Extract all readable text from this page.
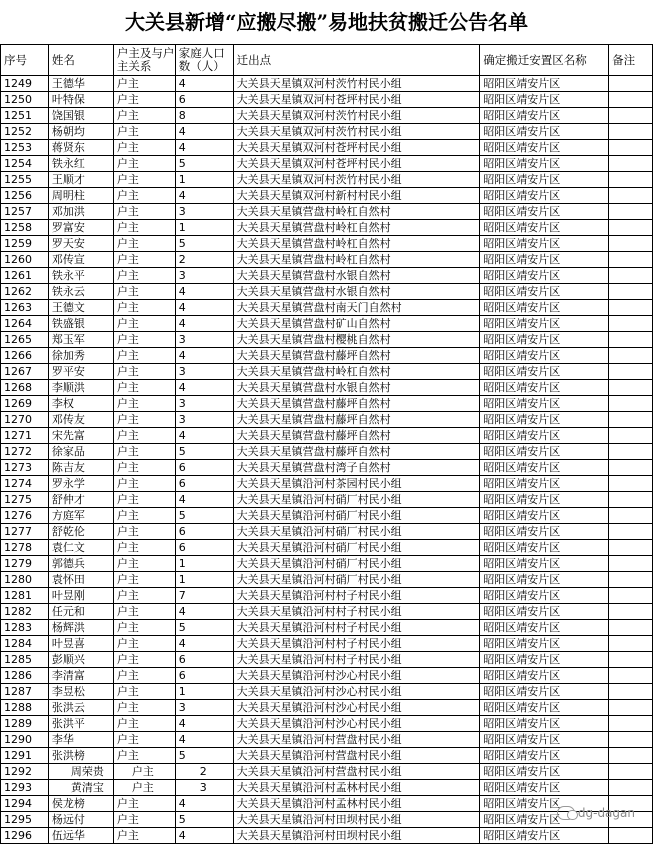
大关县新增“应搬尽搬”易地扶贫搬迁公告名单
序号	姓名	户主及与户主关系	家庭人口数（人）	迁出点	确定搬迁安置区名称	备注
1249	王德华	户主	4	大关县天星镇双河村茨竹村民小组	昭阳区靖安片区	
1250	叶特保	户主	6	大关县天星镇双河村苍坪村民小组	昭阳区靖安片区	
1251	饶国银	户主	8	大关县天星镇双河村茨竹村民小组	昭阳区靖安片区	
1252	杨朝均	户主	4	大关县天星镇双河村茨竹村民小组	昭阳区靖安片区	
1253	蒋贤东	户主	4	大关县天星镇双河村苍坪村民小组	昭阳区靖安片区	
1254	铁永红	户主	5	大关县天星镇双河村苍坪村民小组	昭阳区靖安片区	
1255	王顺才	户主	1	大关县天星镇双河村茨竹村民小组	昭阳区靖安片区	
1256	周明柱	户主	4	大关县天星镇双河村新村村民小组	昭阳区靖安片区	
1257	邓加洪	户主	3	大关县天星镇营盘村岭杠自然村	昭阳区靖安片区	
1258	罗富安	户主	1	大关县天星镇营盘村岭杠自然村	昭阳区靖安片区	
1259	罗天安	户主	5	大关县天星镇营盘村岭杠自然村	昭阳区靖安片区	
1260	邓传宣	户主	2	大关县天星镇营盘村岭杠自然村	昭阳区靖安片区	
1261	铁永平	户主	3	大关县天星镇营盘村水银自然村	昭阳区靖安片区	
1262	铁永云	户主	4	大关县天星镇营盘村水银自然村	昭阳区靖安片区	
1263	王德文	户主	4	大关县天星镇营盘村南天门自然村	昭阳区靖安片区	
1264	铁盛银	户主	4	大关县天星镇营盘村矿山自然村	昭阳区靖安片区	
1265	郑玉军	户主	3	大关县天星镇营盘村樱桃自然村	昭阳区靖安片区	
1266	徐加秀	户主	4	大关县天星镇营盘村藤坪自然村	昭阳区靖安片区	
1267	罗平安	户主	3	大关县天星镇营盘村岭杠自然村	昭阳区靖安片区	
1268	李顺洪	户主	4	大关县天星镇营盘村水银自然村	昭阳区靖安片区	
1269	李权	户主	3	大关县天星镇营盘村藤坪自然村	昭阳区靖安片区	
1270	邓传友	户主	3	大关县天星镇营盘村藤坪自然村	昭阳区靖安片区	
1271	宋先富	户主	4	大关县天星镇营盘村藤坪自然村	昭阳区靖安片区	
1272	徐家品	户主	5	大关县天星镇营盘村藤坪自然村	昭阳区靖安片区	
1273	陈吉友	户主	6	大关县天星镇营盘村湾子自然村	昭阳区靖安片区	
1274	罗永学	户主	6	大关县天星镇沿河村茶园村民小组	昭阳区靖安片区	
1275	舒仲才	户主	4	大关县天星镇沿河村硝厂村民小组	昭阳区靖安片区	
1276	方庭军	户主	5	大关县天星镇沿河村硝厂村民小组	昭阳区靖安片区	
1277	舒乾伦	户主	6	大关县天星镇沿河村硝厂村民小组	昭阳区靖安片区	
1278	袁仁文	户主	6	大关县天星镇沿河村硝厂村民小组	昭阳区靖安片区	
1279	郭德兵	户主	1	大关县天星镇沿河村硝厂村民小组	昭阳区靖安片区	
1280	袁怀田	户主	1	大关县天星镇沿河村硝厂村民小组	昭阳区靖安片区	
1281	叶昱刚	户主	7	大关县天星镇沿河村村子村民小组	昭阳区靖安片区	
1282	任元和	户主	4	大关县天星镇沿河村村子村民小组	昭阳区靖安片区	
1283	杨辉洪	户主	5	大关县天星镇沿河村村子村民小组	昭阳区靖安片区	
1284	叶昱喜	户主	4	大关县天星镇沿河村村子村民小组	昭阳区靖安片区	
1285	彭顺兴	户主	6	大关县天星镇沿河村村子村民小组	昭阳区靖安片区	
1286	李清富	户主	6	大关县天星镇沿河村沙心村民小组	昭阳区靖安片区	
1287	李昱松	户主	1	大关县天星镇沿河村沙心村民小组	昭阳区靖安片区	
1288	张洪云	户主	3	大关县天星镇沿河村沙心村民小组	昭阳区靖安片区	
1289	张洪平	户主	4	大关县天星镇沿河村沙心村民小组	昭阳区靖安片区	
1290	李华	户主	4	大关县天星镇沿河村营盘村民小组	昭阳区靖安片区	
1291	张洪榜	户主	5	大关县天星镇沿河村营盘村民小组	昭阳区靖安片区	
1292	周荣贵	户主	2	大关县天星镇沿河村营盘村民小组	昭阳区靖安片区	
1293	黄清宝	户主	3	大关县天星镇沿河村孟林村民小组	昭阳区靖安片区	
1294	侯龙榜	户主	4	大关县天星镇沿河村孟林村民小组	昭阳区靖安片区	
1295	杨远付	户主	5	大关县天星镇沿河村田坝村民小组	昭阳区靖安片区	
1296	伍远华	户主	4	大关县天星镇沿河村田坝村民小组	昭阳区靖安片区	
dg-dagan
